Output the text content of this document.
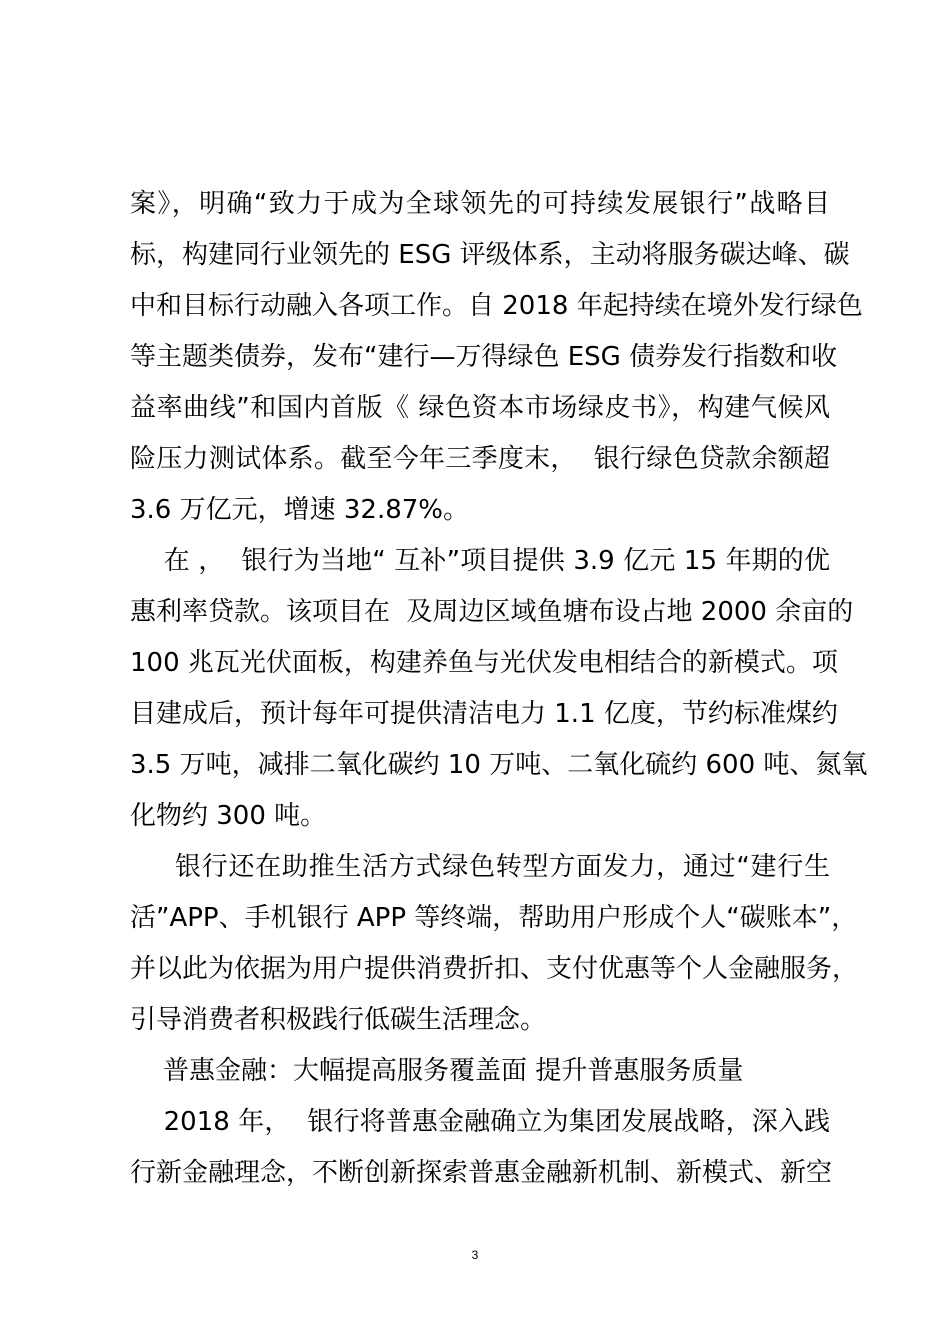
案》，明确“致力于成为全球领先的可持续发展银行”战略目
标，构建同行业领先的 ESG 评级体系，主动将服务碳达峰、碳
中和目标行动融入各项工作。自 2018 年起持续在境外发行绿色
等主题类债券，发布“建行—万得绿色 ESG 债券发行指数和收
益率曲线”和国内首版《 绿色资本市场绿皮书》，构建气候风
险压力测试体系。截至今年三季度末，  银行绿色贷款余额超
3.6 万亿元，增速 32.87%。
在 ，  银行为当地“ 互补”项目提供 3.9 亿元 15 年期的优
惠利率贷款。该项目在  及周边区域鱼塘布设占地 2000 余亩的
100 兆瓦光伏面板，构建养鱼与光伏发电相结合的新模式。项
目建成后，预计每年可提供清洁电力 1.1 亿度，节约标准煤约
3.5 万吨，减排二氧化碳约 10 万吨、二氧化硫约 600 吨、氮氧
化物约 300 吨。
银行还在助推生活方式绿色转型方面发力，通过“建行生
活”APP、手机银行 APP 等终端，帮助用户形成个人“碳账本”，
并以此为依据为用户提供消费折扣、支付优惠等个人金融服务，
引导消费者积极践行低碳生活理念。
普惠金融：大幅提高服务覆盖面 提升普惠服务质量
2018 年，  银行将普惠金融确立为集团发展战略，深入践
行新金融理念，不断创新探索普惠金融新机制、新模式、新空
3
